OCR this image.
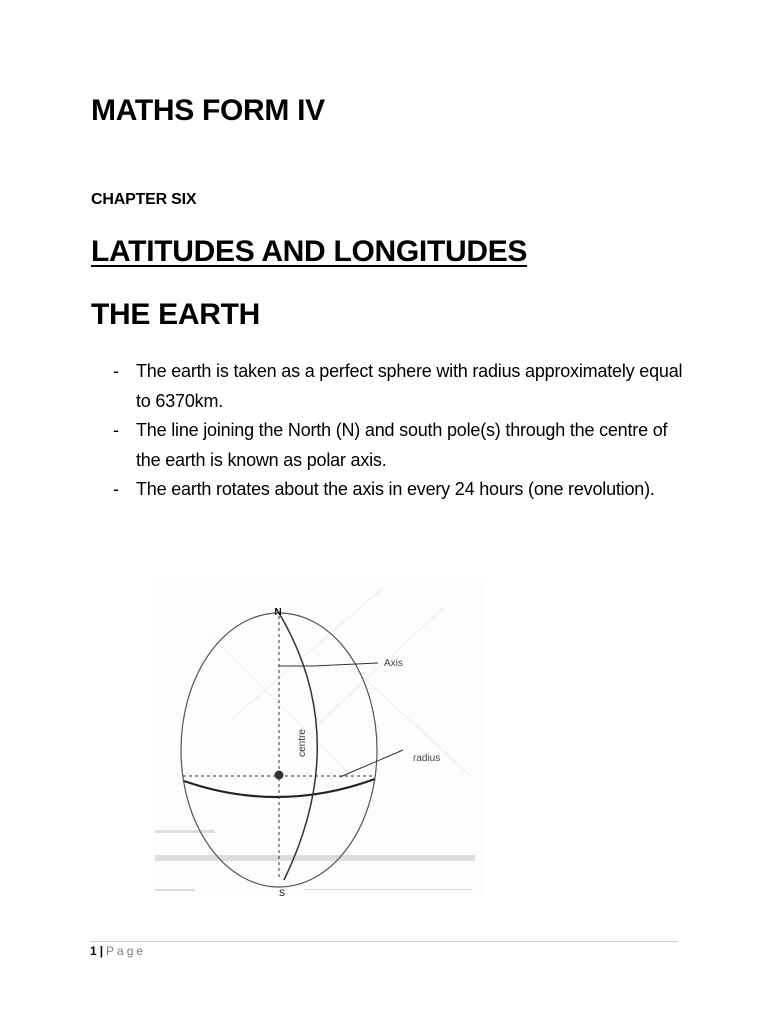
MATHS FORM IV
CHAPTER SIX
LATITUDES AND LONGITUDES
THE EARTH
- The earth is taken as a perfect sphere with radius approximately equal to 6370km.
- The line joining the North (N) and south pole(s) through the centre of the earth is known as polar axis.
- The earth rotates about the axis in every 24 hours (one revolution).
N
S
Axis
radius
centre
1 | Page
